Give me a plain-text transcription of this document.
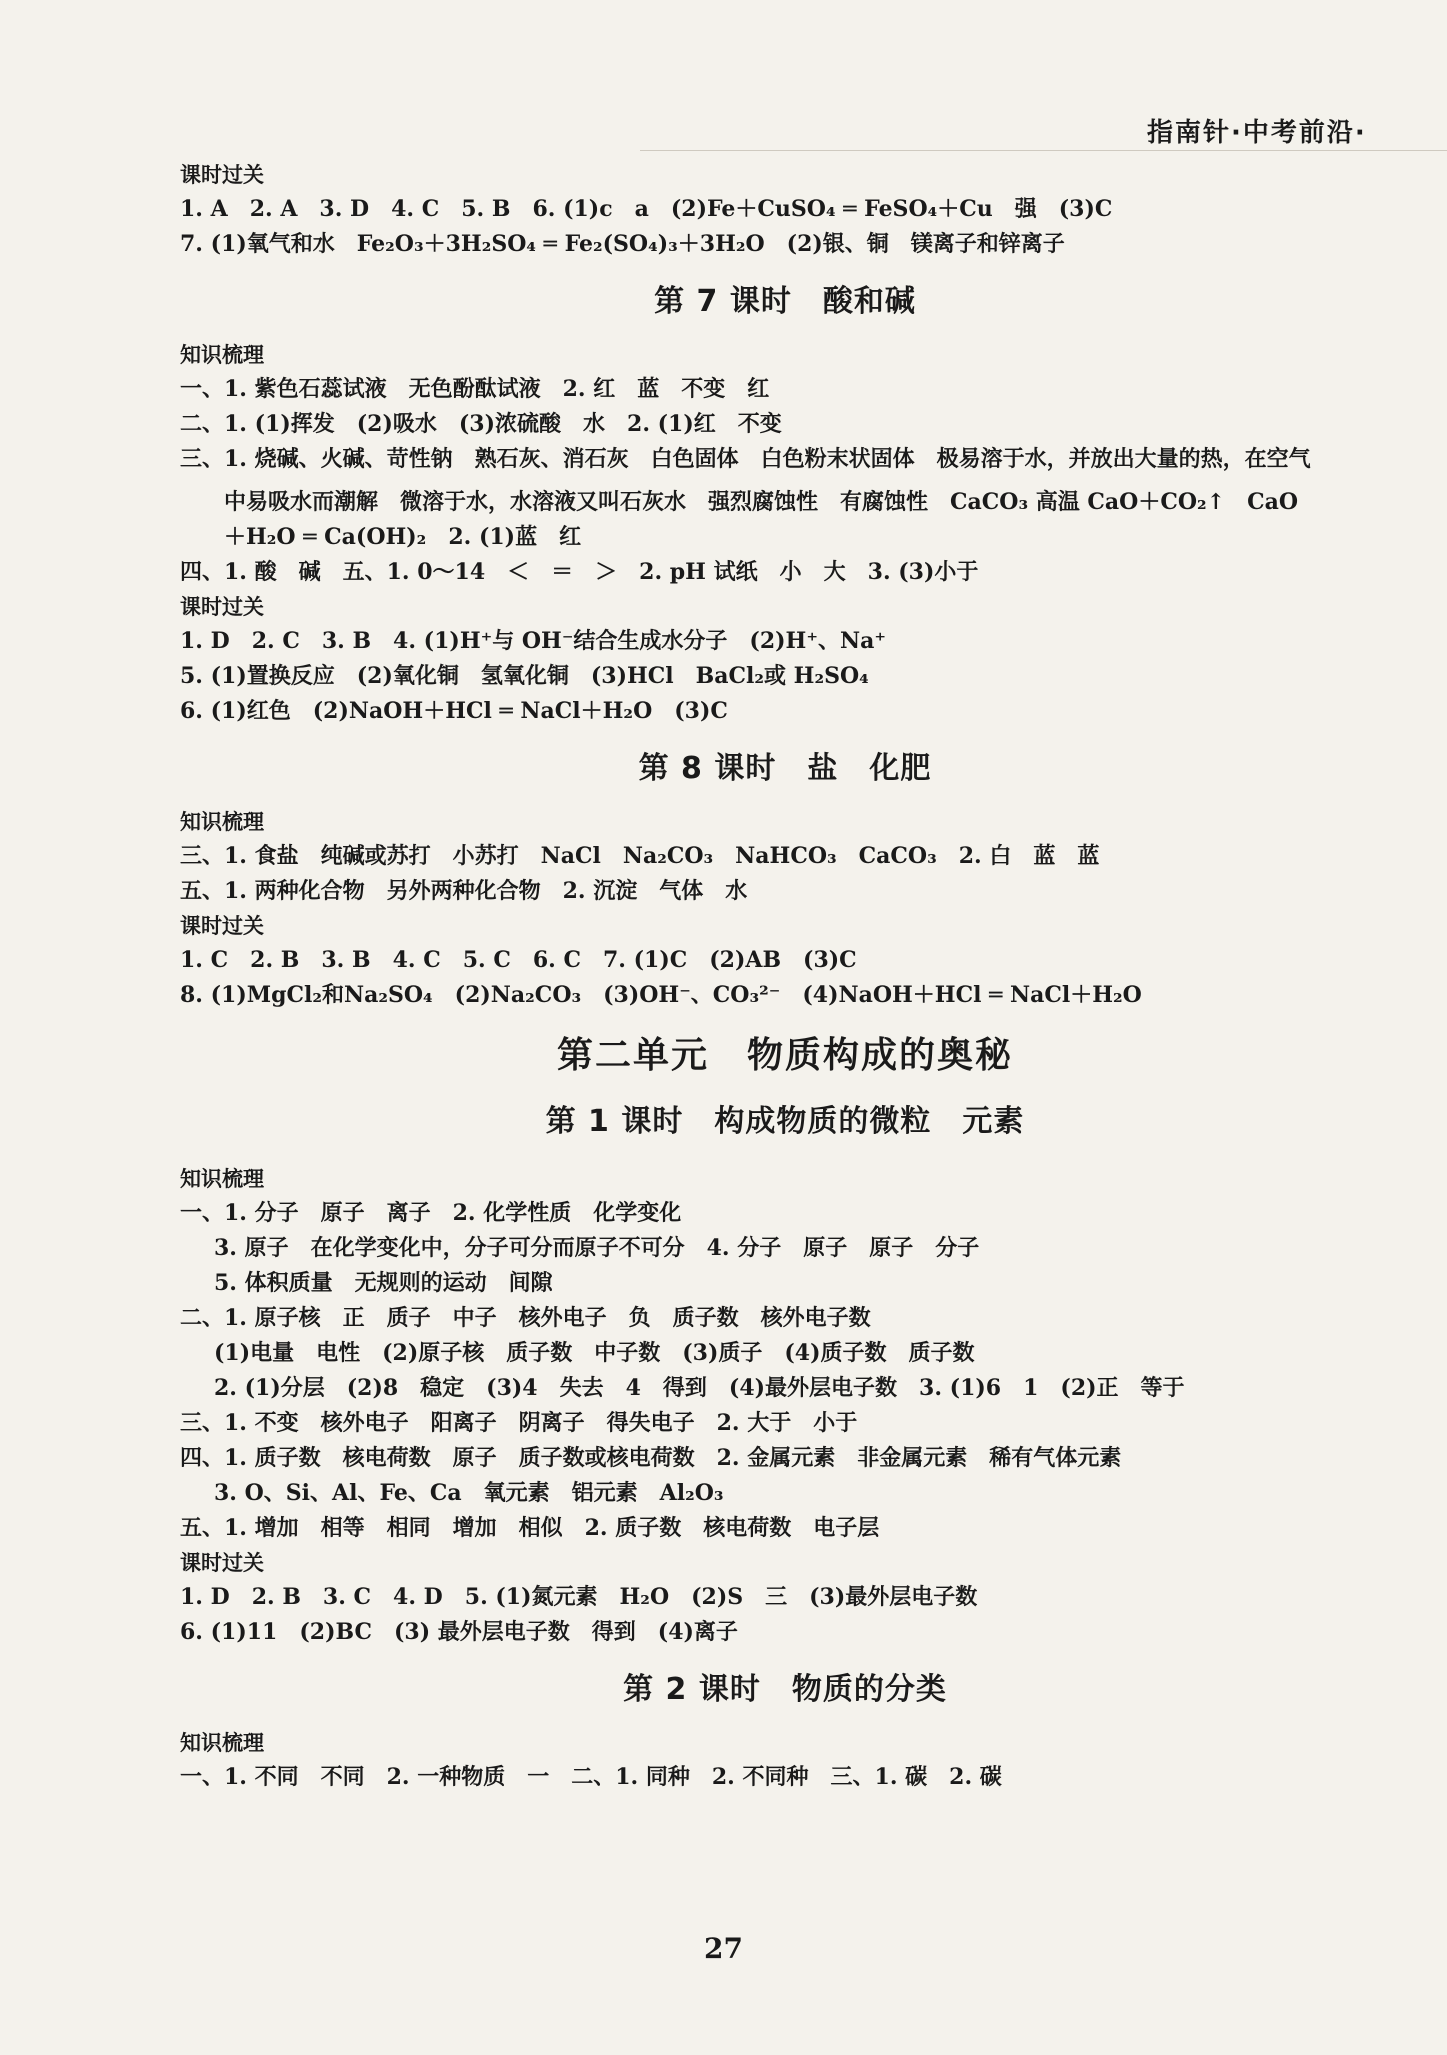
指南针·中考前沿·
课时过关
1. A　2. A　3. D　4. C　5. B　6. (1)c　a　(2)Fe＋CuSO₄ ═ FeSO₄＋Cu　强　(3)C
7. (1)氧气和水　Fe₂O₃＋3H₂SO₄ ═ Fe₂(SO₄)₃＋3H₂O　(2)银、铜　镁离子和锌离子
第 7 课时　酸和碱
知识梳理
一、1. 紫色石蕊试液　无色酚酞试液　2. 红　蓝　不变　红
二、1. (1)挥发　(2)吸水　(3)浓硫酸　水　2. (1)红　不变
三、1. 烧碱、火碱、苛性钠　熟石灰、消石灰　白色固体　白色粉末状固体　极易溶于水，并放出大量的热，在空气
中易吸水而潮解　微溶于水，水溶液又叫石灰水　强烈腐蚀性　有腐蚀性　CaCO₃ 高温 CaO＋CO₂↑　CaO
＋H₂O ═ Ca(OH)₂　2. (1)蓝　红
四、1. 酸　碱　五、1. 0～14　＜　＝　＞　2. pH 试纸　小　大　3. (3)小于
课时过关
1. D　2. C　3. B　4. (1)H⁺与 OH⁻结合生成水分子　(2)H⁺、Na⁺
5. (1)置换反应　(2)氧化铜　氢氧化铜　(3)HCl　BaCl₂或 H₂SO₄
6. (1)红色　(2)NaOH＋HCl ═ NaCl＋H₂O　(3)C
第 8 课时　盐　化肥
知识梳理
三、1. 食盐　纯碱或苏打　小苏打　NaCl　Na₂CO₃　NaHCO₃　CaCO₃　2. 白　蓝　蓝
五、1. 两种化合物　另外两种化合物　2. 沉淀　气体　水
课时过关
1. C　2. B　3. B　4. C　5. C　6. C　7. (1)C　(2)AB　(3)C
8. (1)MgCl₂和Na₂SO₄　(2)Na₂CO₃　(3)OH⁻、CO₃²⁻　(4)NaOH＋HCl ═ NaCl＋H₂O
第二单元　物质构成的奥秘
第 1 课时　构成物质的微粒　元素
知识梳理
一、1. 分子　原子　离子　2. 化学性质　化学变化
3. 原子　在化学变化中，分子可分而原子不可分　4. 分子　原子　原子　分子
5. 体积质量　无规则的运动　间隙
二、1. 原子核　正　质子　中子　核外电子　负　质子数　核外电子数
(1)电量　电性　(2)原子核　质子数　中子数　(3)质子　(4)质子数　质子数
2. (1)分层　(2)8　稳定　(3)4　失去　4　得到　(4)最外层电子数　3. (1)6　1　(2)正　等于
三、1. 不变　核外电子　阳离子　阴离子　得失电子　2. 大于　小于
四、1. 质子数　核电荷数　原子　质子数或核电荷数　2. 金属元素　非金属元素　稀有气体元素
3. O、Si、Al、Fe、Ca　氧元素　铝元素　Al₂O₃
五、1. 增加　相等　相同　增加　相似　2. 质子数　核电荷数　电子层
课时过关
1. D　2. B　3. C　4. D　5. (1)氮元素　H₂O　(2)S　三　(3)最外层电子数
6. (1)11　(2)BC　(3) 最外层电子数　得到　(4)离子
第 2 课时　物质的分类
知识梳理
一、1. 不同　不同　2. 一种物质　一　二、1. 同种　2. 不同种　三、1. 碳　2. 碳
27
